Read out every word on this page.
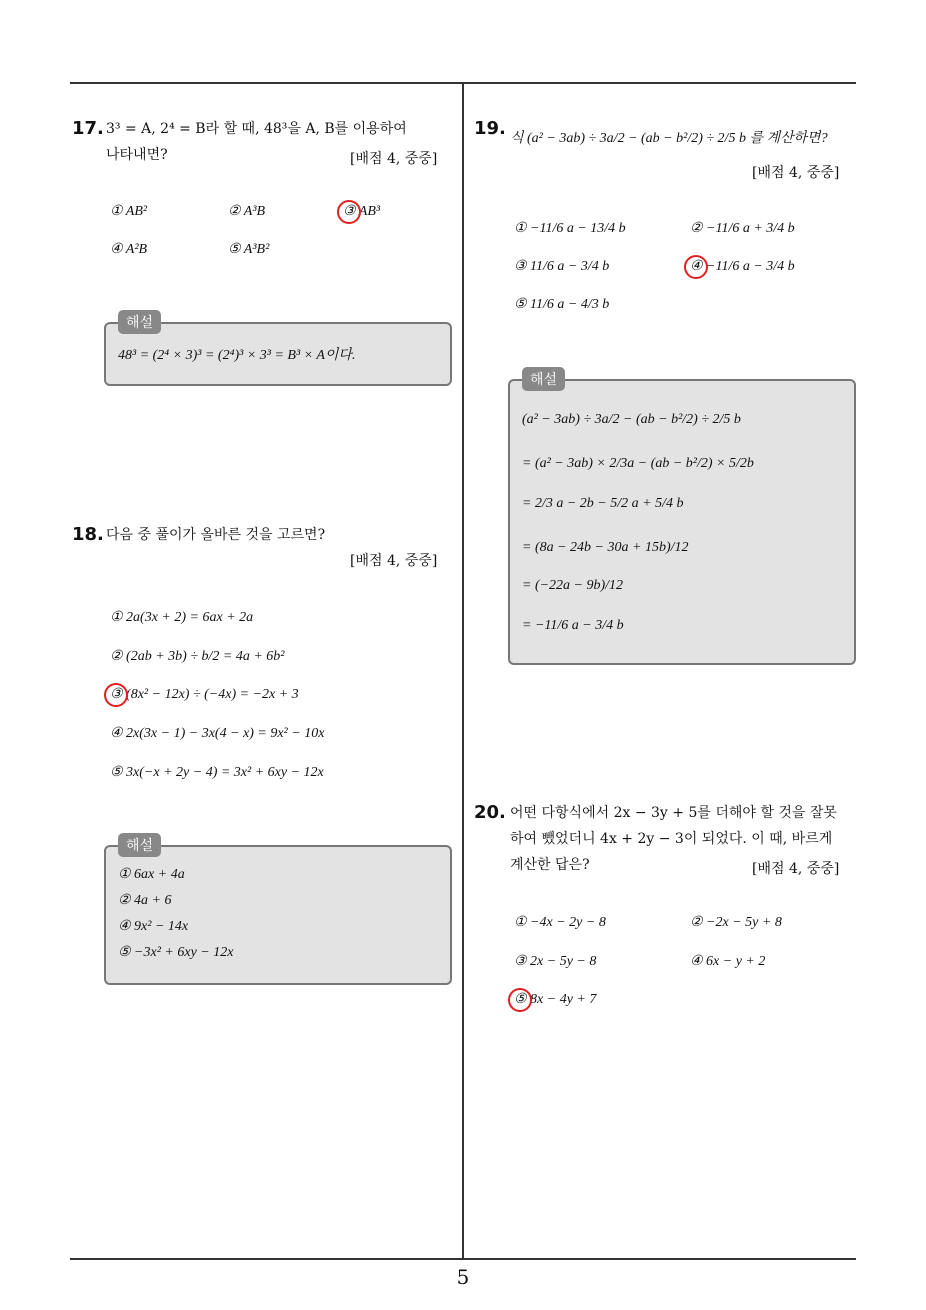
17. 3³ = A, 2⁴ = B라 할 때, 48³을 A, B를 이용하여
나타내면?	[배점 4, 중중]
① AB²	② A³B	③ AB³
④ A²B	⑤ A³B²
해설
48³ = (2⁴ × 3)³ = (2⁴)³ × 3³ = B³ × A이다.
18. 다음 중 풀이가 올바른 것을 고르면?
[배점 4, 중중]
① 2a(3x + 2) = 6ax + 2a
② (2ab + 3b) ÷ b/2 = 4a + 6b²
③ (8x² − 12x) ÷ (−4x) = −2x + 3
④ 2x(3x − 1) − 3x(4 − x) = 9x² − 10x
⑤ 3x(−x + 2y − 4) = 3x² + 6xy − 12x
해설
① 6ax + 4a
② 4a + 6
④ 9x² − 14x
⑤ −3x² + 6xy − 12x
19. 식 (a² − 3ab) ÷ 3a/2 − (ab − b²/2) ÷ 2/5 b 를 계산하면?
[배점 4, 중중]
① −11/6 a − 13/4 b	② −11/6 a + 3/4 b
③ 11/6 a − 3/4 b	④ −11/6 a − 3/4 b
⑤ 11/6 a − 4/3 b
해설
(a² − 3ab) ÷ 3a/2 − (ab − b²/2) ÷ 2/5 b
= (a² − 3ab) × 2/3a − (ab − b²/2) × 5/2b
= 2/3 a − 2b − 5/2 a + 5/4 b
= (8a − 24b − 30a + 15b)/12
= (−22a − 9b)/12
= −11/6 a − 3/4 b
20. 어떤 다항식에서 2x − 3y + 5를 더해야 할 것을 잘못
하여 뺐었더니 4x + 2y − 3이 되었다. 이 때, 바르게
계산한 답은?	[배점 4, 중중]
① −4x − 2y − 8	② −2x − 5y + 8
③ 2x − 5y − 8	④ 6x − y + 2
⑤ 8x − 4y + 7
5
